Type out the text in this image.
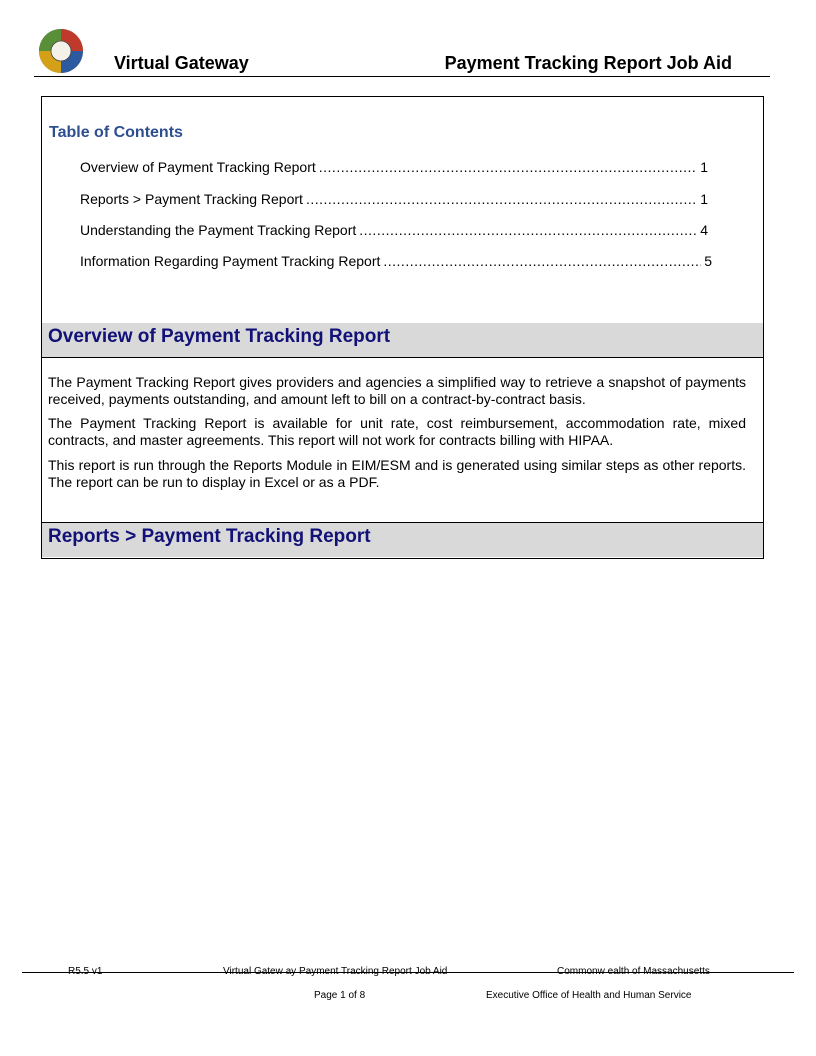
Virtual Gateway	Payment Tracking Report Job Aid
Table of Contents
Overview of Payment Tracking Report .....	1
Reports > Payment Tracking Report .....	1
Understanding the Payment Tracking Report .....	4
Information Regarding Payment Tracking Report .....	5
Overview of Payment Tracking Report
The Payment Tracking Report gives providers and agencies a simplified way to retrieve a snapshot of payments received, payments outstanding, and amount left to bill on a contract-by-contract basis.
The Payment Tracking Report is available for unit rate, cost reimbursement, accommodation rate, mixed contracts, and master agreements. This report will not work for contracts billing with HIPAA.
This report is run through the Reports Module in EIM/ESM and is generated using similar steps as other reports. The report can be run to display in Excel or as a PDF.
Reports > Payment Tracking Report
R5.5 v1	Virtual Gatew ay Payment Tracking Report Job Aid	Commonw ealth of Massachusetts
Page 1 of 8	Executive Office of Health and Human Service
